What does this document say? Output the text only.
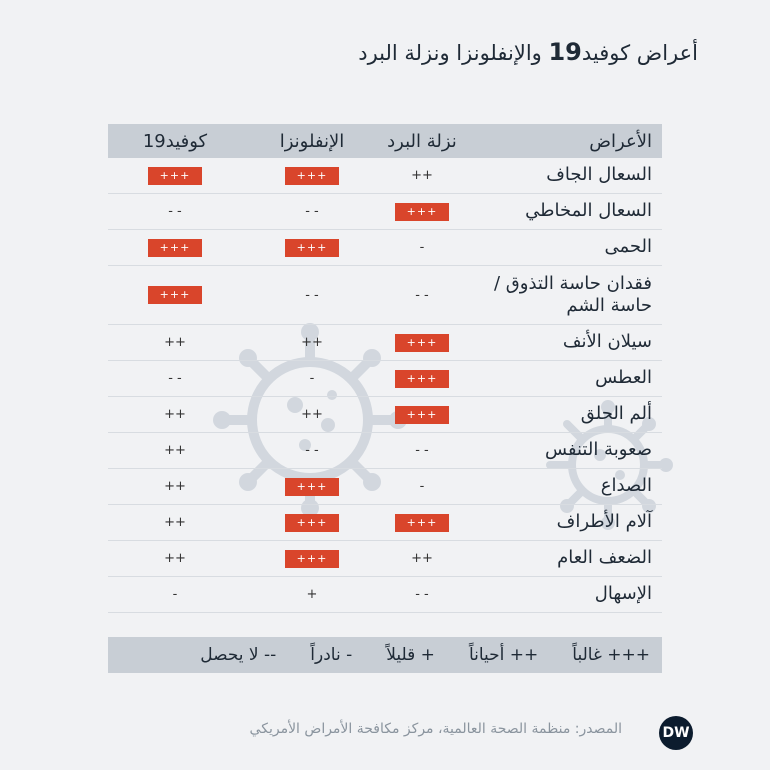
أعراض كوفيد19 والإنفلونزا ونزلة البرد
الأعراض	نزلة البرد	الإنفلونزا	كوفيد19
السعال الجاف	++	+++	+++
السعال المخاطي	+++	- -	- -
الحمى	-	+++	+++
فقدان حاسة التذوق / حاسة الشم	- -	- -	+++
سيلان الأنف	+++	++	++
العطس	+++	-	- -
ألم الحلق	+++	++	++
صعوبة التنفس	- -	- -	++
الصداع	-	+++	++
آلام الأطراف	+++	+++	++
الضعف العام	++	+++	++
الإسهال	- -	+	-
+++ غالباً
++ أحياناً
+ قليلاً
- نادراً
-- لا يحصل
المصدر: منظمة الصحة العالمية، مركز مكافحة الأمراض الأمريكي	DW
